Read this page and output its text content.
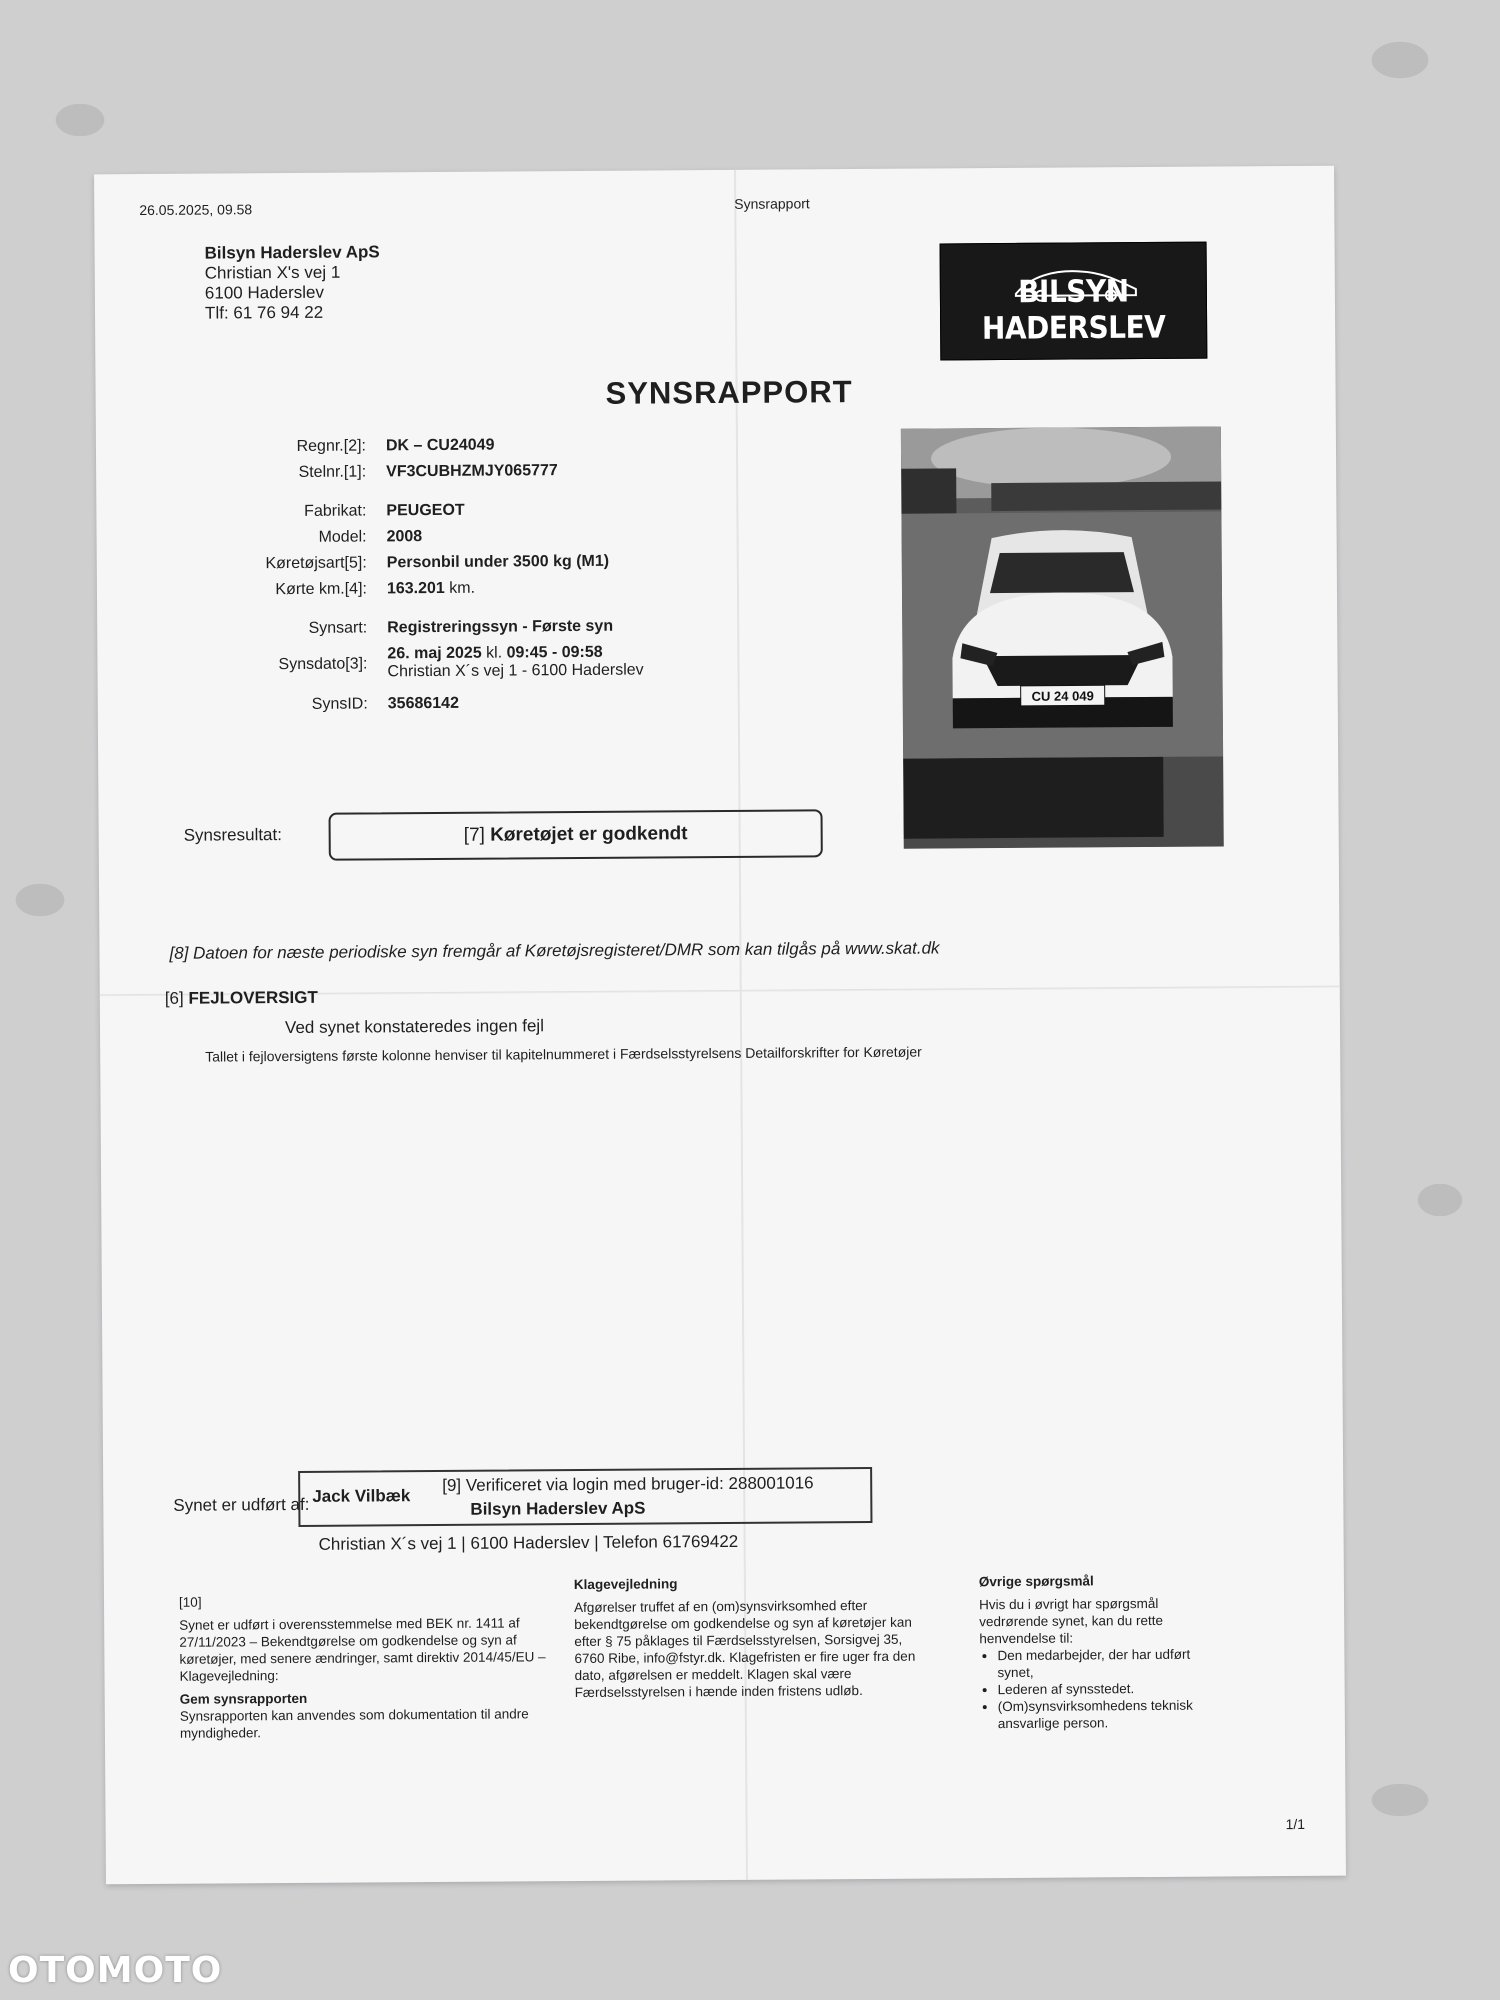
26.05.2025, 09.58	Synsrapport
Bilsyn Haderslev ApS
Christian X's vej 1
6100 Haderslev
Tlf: 61 76 94 22
BILSYN HADERSLEV
SYNSRAPPORT
Regnr.[2]: DK – CU24049
Stelnr.[1]: VF3CUBHZMJY065777
Fabrikat: PEUGEOT
Model: 2008
Køretøjsart[5]: Personbil under 3500 kg (M1)
Kørte km.[4]: 163.201 km.
Synsart: Registreringssyn - Første syn
Synsdato[3]:
26. maj 2025 kl. 09:45 - 09:58
Christian X´s vej 1 - 6100 Haderslev
SynsID: 35686142	CU 24 049
Synsresultat:	[7] Køretøjet er godkendt
[8] Datoen for næste periodiske syn fremgår af Køretøjsregisteret/DMR som kan tilgås på www.skat.dk
[6] FEJLOVERSIGT
Ved synet konstateredes ingen fejl
Tallet i fejloversigtens første kolonne henviser til kapitelnummeret i Færdselsstyrelsens Detailforskrifter for Køretøjer
Synet er udført af: Jack Vilbæk
[9] Verificeret via login med bruger-id: 288001016
Bilsyn Haderslev ApS
Christian X´s vej 1 | 6100 Haderslev | Telefon 61769422
[10]
Synet er udført i overensstemmelse med BEK nr. 1411 af 27/11/2023 – Bekendtgørelse om godkendelse og syn af køretøjer, med senere ændringer, samt direktiv 2014/45/EU – Klagevejledning:
Gem synsrapporten
Synsrapporten kan anvendes som dokumentation til andre myndigheder.
Klagevejledning
Afgørelser truffet af en (om)synsvirksomhed efter bekendtgørelse om godkendelse og syn af køretøjer kan efter § 75 påklages til Færdselsstyrelsen, Sorsigvej 35, 6760 Ribe, info@fstyr.dk. Klagefristen er fire uger fra den dato, afgørelsen er meddelt. Klagen skal være Færdselsstyrelsen i hænde inden fristens udløb.
Øvrige spørgsmål
Hvis du i øvrigt har spørgsmål vedrørende synet, kan du rette henvendelse til:
• Den medarbejder, der har udført synet,
• Lederen af synsstedet.
• (Om)synsvirksomhedens teknisk ansvarlige person.
1/1
OTOMOTO
